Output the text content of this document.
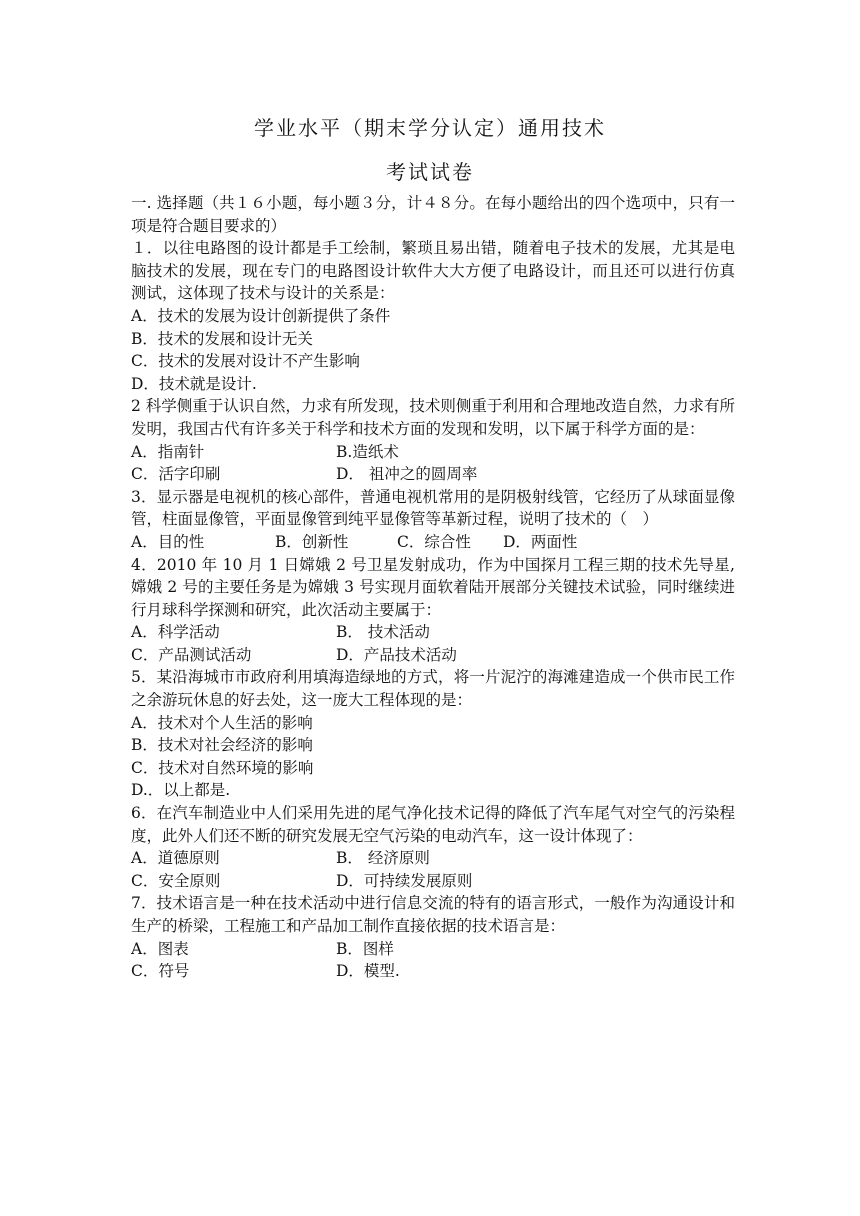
学业水平（期末学分认定）通用技术
考试试卷

一. 选择题（共１６小题，每小题３分，计４８分。在每小题给出的四个选项中，只有一项是符合题目要求的）

１．以往电路图的设计都是手工绘制，繁琐且易出错，随着电子技术的发展，尤其是电脑技术的发展，现在专门的电路图设计软件大大方便了电路设计，而且还可以进行仿真测试，这体现了技术与设计的关系是：

A．技术的发展为设计创新提供了条件

B．技术的发展和设计无关

C．技术的发展对设计不产生影响

D．技术就是设计.

2 科学侧重于认识自然，力求有所发现，技术则侧重于利用和合理地改造自然，力求有所发明，我国古代有许多关于科学和技术方面的发现和发明，以下属于科学方面的是：

A．指南针	B.造纸术
C．活字印刷	D． 祖冲之的圆周率

3．显示器是电视机的核心部件，普通电视机常用的是阴极射线管，它经历了从球面显像管，柱面显像管，平面显像管到纯平显像管等革新过程，说明了技术的（　）

A．目的性	B．创新性	C．综合性	D．两面性

4．2010 年 10 月 1 日嫦娥 2 号卫星发射成功，作为中国探月工程三期的技术先导星,嫦娥 2 号的主要任务是为嫦娥 3 号实现月面软着陆开展部分关键技术试验，同时继续进行月球科学探测和研究，此次活动主要属于：

A．科学活动	B． 技术活动
C．产品测试活动	D．产品技术活动

5．某沿海城市市政府利用填海造绿地的方式，将一片泥泞的海滩建造成一个供市民工作之余游玩休息的好去处，这一庞大工程体现的是：

A．技术对个人生活的影响

B．技术对社会经济的影响

C．技术对自然环境的影响

D.．以上都是.

6．在汽车制造业中人们采用先进的尾气净化技术记得的降低了汽车尾气对空气的污染程度，此外人们还不断的研究发展无空气污染的电动汽车，这一设计体现了：

A．道德原则	B． 经济原则
C．安全原则	D．可持续发展原则

7．技术语言是一种在技术活动中进行信息交流的特有的语言形式，一般作为沟通设计和生产的桥梁，工程施工和产品加工制作直接依据的技术语言是：

A．图表	B．图样
C．符号	D．模型.
